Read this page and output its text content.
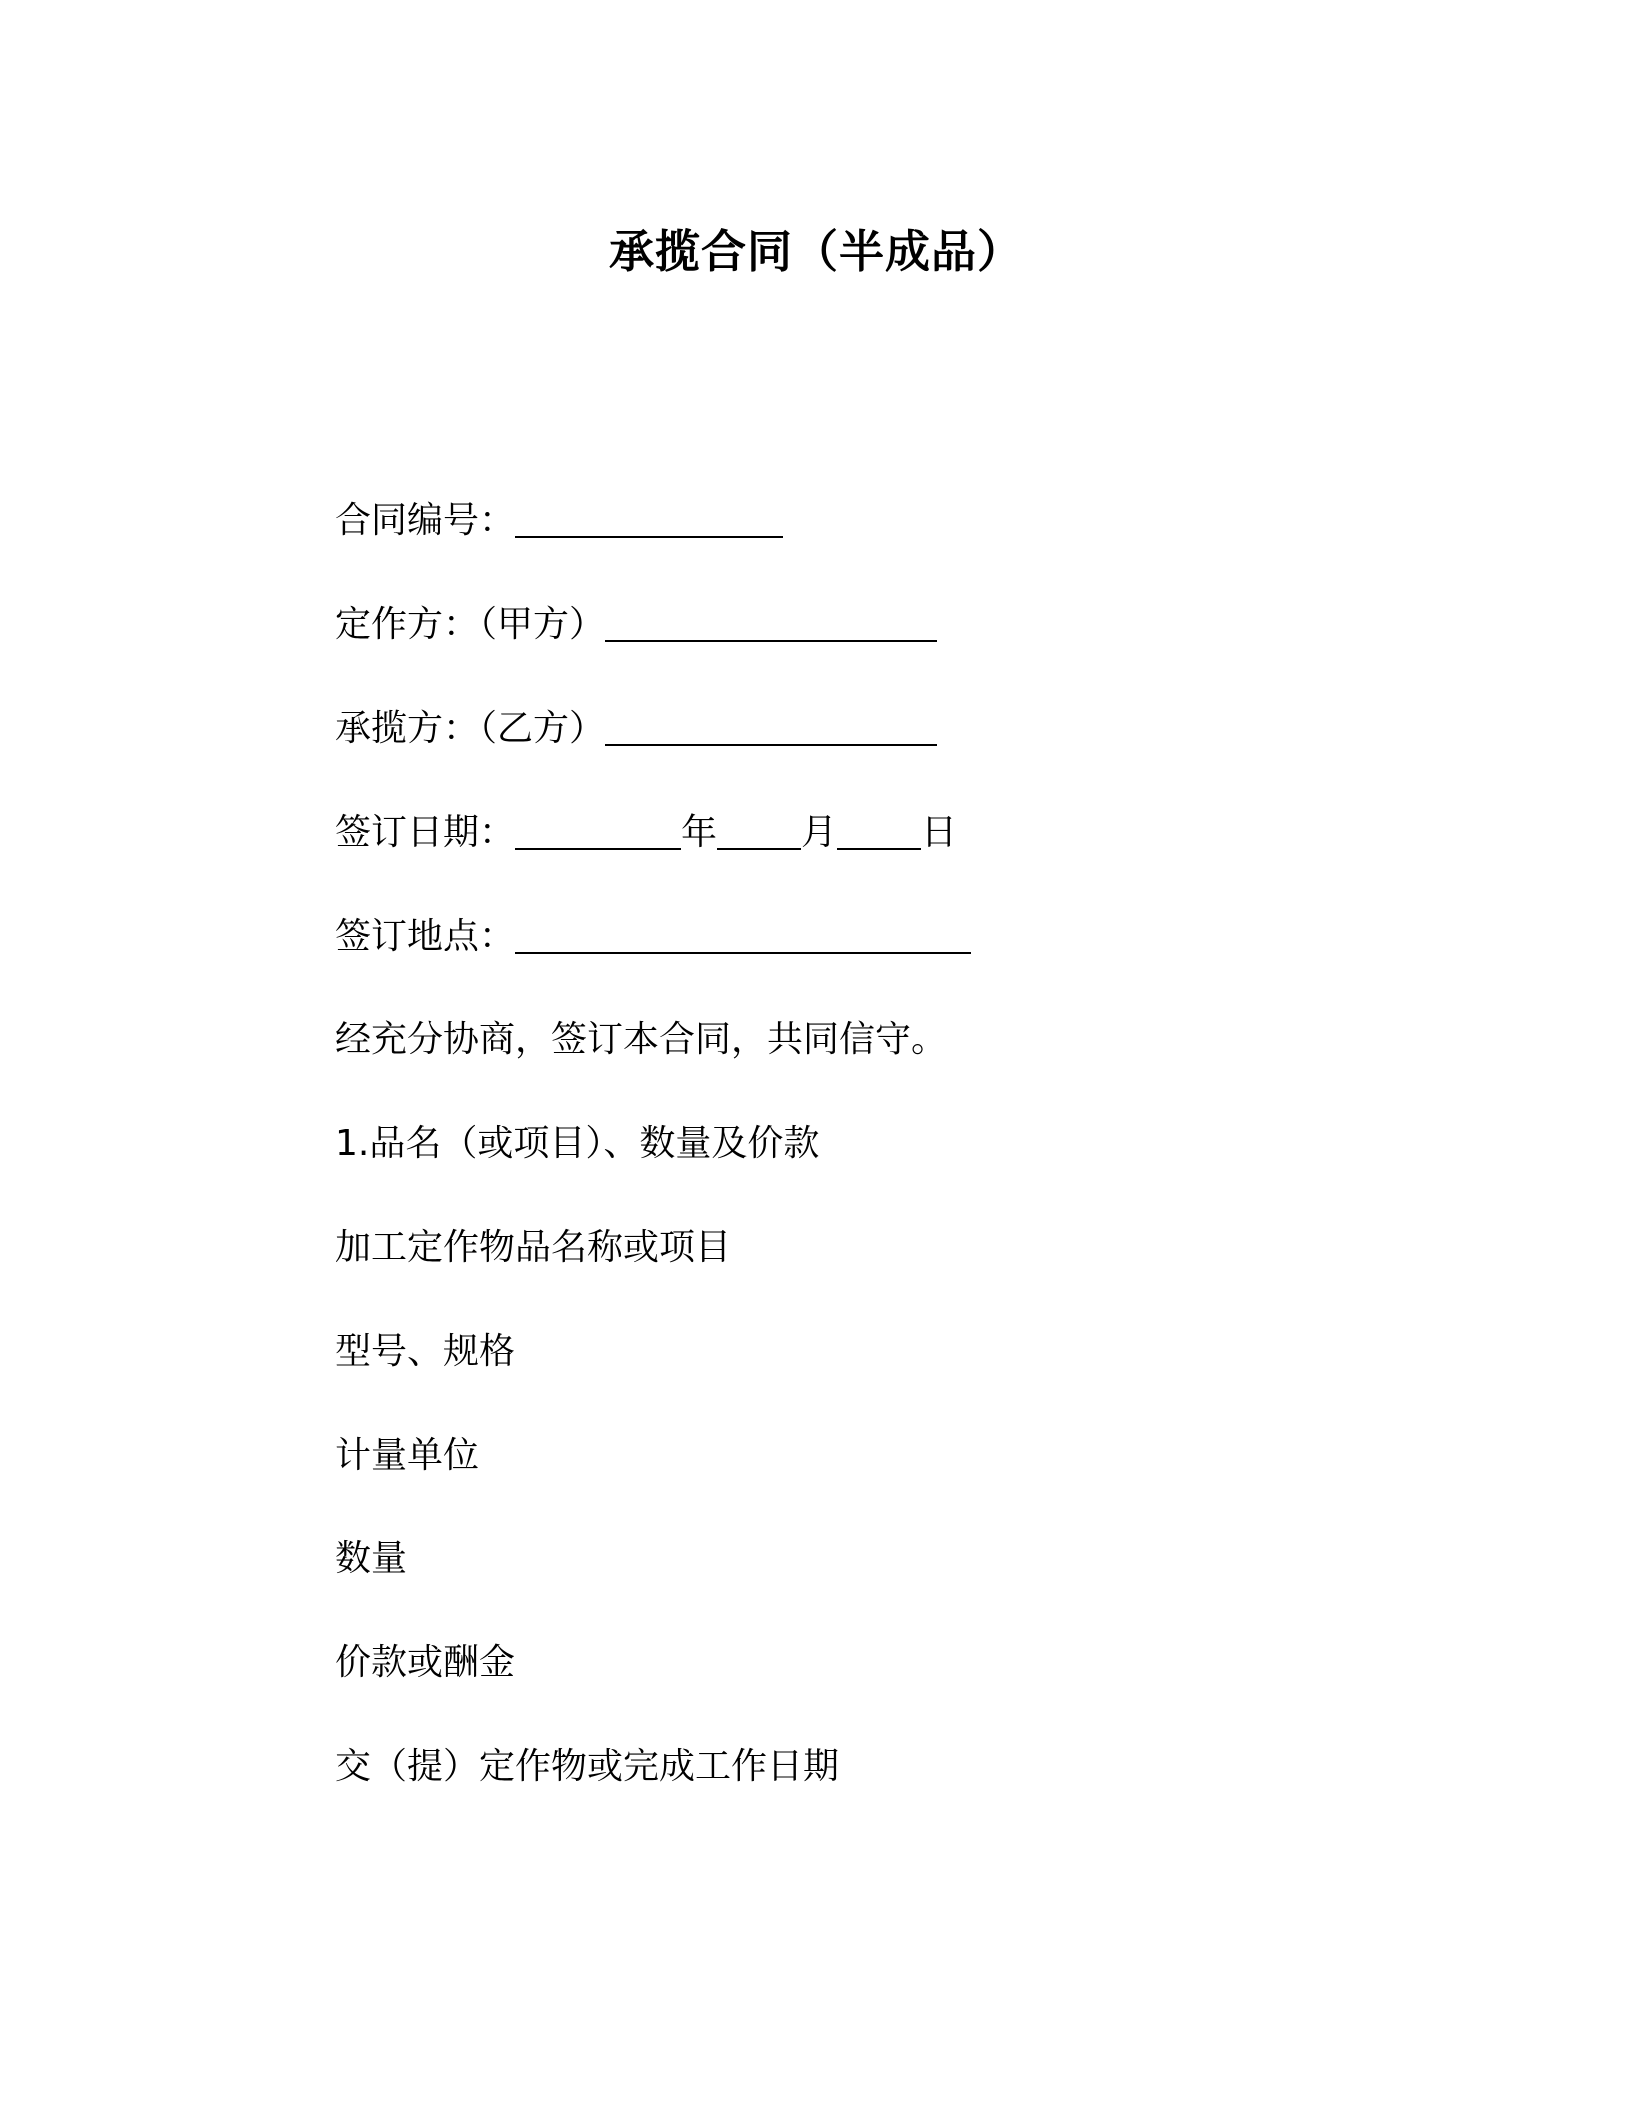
承揽合同（半成品）
合同编号：
定作方：（甲方）
承揽方：（乙方）
签订日期：	年 月 日
签订地点：
经充分协商，签订本合同，共同信守。
1.品名（或项目）、数量及价款
加工定作物品名称或项目
型号、规格
计量单位
数量
价款或酬金
交（提）定作物或完成工作日期
